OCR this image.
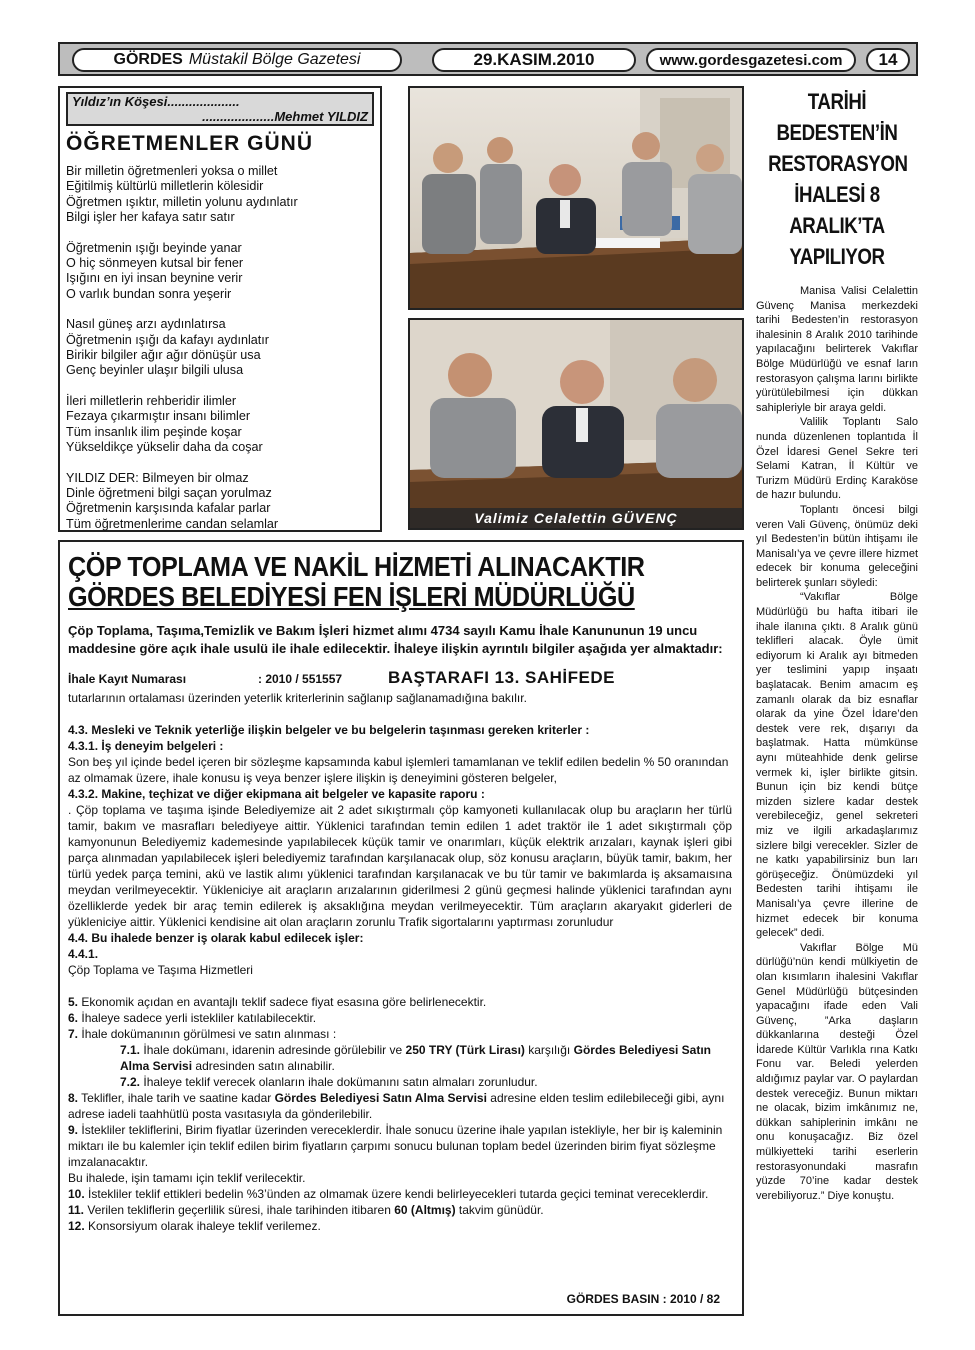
GÖRDES Müstakil Bölge Gazetesi	29.KASIM.2010	www.gordesgazetesi.com	14
Yıldız’ın Köşesi....................
....................Mehmet YILDIZ
ÖĞRETMENLER GÜNÜ
Bir milletin öğretmenleri yoksa o millet
Eğitilmiş kültürlü milletlerin kölesidir
Öğretmen ışıktır, milletin yolunu aydınlatır
Bilgi işler her kafaya satır satır
Öğretmenin ışığı beyinde yanar
O hiç sönmeyen kutsal bir fener
Işığını en iyi insan beynine verir
O varlık bundan sonra yeşerir
Nasıl güneş arzı aydınlatırsa
Öğretmenin ışığı da kafayı aydınlatır
Birikir bilgiler ağır ağır dönüşür usa
Genç beyinler ulaşır bilgili ulusa
İleri milletlerin rehberidir ilimler
Fezaya çıkarmıştır insanı bilimler
Tüm insanlık ilim peşinde koşar
Yükseldikçe yükselir daha da coşar
YILDIZ DER: Bilmeyen bir olmaz
Dinle öğretmeni bilgi saçan yorulmaz
Öğretmenin karşısında kafalar parlar
Tüm öğretmenlerime candan selamlar	Valimiz Celalettin GÜVENÇ
TARİHİ BEDESTEN’İN RESTORASYON İHALESİ 8 ARALIK’TA YAPILIYOR

Manisa Valisi Celalettin Güvenç Manisa merkezdeki tarihi Bedesten’in restorasyon ihalesinin 8 Aralık 2010 tarihinde yapılacağını belirterek Vakıflar Bölge Müdürlüğü ve esnaf ların restorasyon çalışma larını birlikte yürütülebilmesi için dükkan sahipleriyle bir araya geldi.

Valilik Toplantı Salo nunda düzenlenen toplantıda İl Özel İdaresi Genel Sekre teri Selami Katran, İl Kültür ve Turizm Müdürü Erdinç Karaköse de hazır bulundu.

Toplantı öncesi bilgi veren Vali Güvenç, önümüz deki yıl Bedesten’in bütün ihtişamı ile Manisalı’ya ve çevre illere hizmet edecek bir konuma geleceğini belirterek şunları söyledi:

“Vakıflar Bölge Müdürlüğü bu hafta itibari ile ihale ilanına çıktı. 8 Aralık günü teklifleri alacak. Öyle ümit ediyorum ki Aralık ayı bitmeden yer teslimini yapıp inşaatı başlatacak. Benim amacım eş zamanlı olarak da biz esnaflar olarak da yine Özel İdare’den destek vere rek, dışarıyı da başlatmak. Hatta mümkünse aynı müteahhide denk gelirse vermek ki, işler birlikte gitsin. Bunun için biz kendi bütçe mizden sizlere kadar destek verebileceğiz, genel sekreteri miz ve ilgili arkadaşlarımız sizlere bilgi verecekler. Sizler de ne katkı yapabilirsiniz bun ları görüşeceğiz. Önümüzdeki yıl Bedesten tarihi ihtişamı ile Manisalı’ya çevre illerine de hizmet edecek bir konuma gelecek” dedi.

Vakıflar Bölge Mü dürlüğü’nün kendi mülkiyetin de olan kısımların ihalesini Vakıflar Genel Müdürlüğü bütçesinden yapacağını ifade eden Vali Güvenç, ”Arka daşların dükkanlarına desteği Özel İdarede Kültür Varlıkla rına Katkı Fonu var. Beledi yelerden aldığımız paylar var. O paylardan destek vereceğiz. Bunun miktarı ne olacak, bizim imkânımız ne, dükkan sahiplerinin imkânı ne onu konuşacağız. Biz özel mülkiyetteki tarihi eserlerin restorasyonundaki masrafın yüzde 70’ine kadar destek verebiliyoruz.” Diye konuştu.

ÇÖP TOPLAMA VE NAKİL HİZMETİ ALINACAKTIR
GÖRDES BELEDİYESİ FEN İŞLERİ MÜDÜRLÜĞÜ
Çöp Toplama, Taşıma,Temizlik ve Bakım İşleri hizmet alımı 4734 sayılı Kamu İhale Kanununun 19 uncu maddesine göre açık ihale usulü ile ihale edilecektir. İhaleye ilişkin ayrıntılı bilgiler aşağıda yer almaktadır:
İhale Kayıt Numarası	: 2010 / 551557	BAŞTARAFI 13. SAHİFEDE

tutarlarının ortalaması üzerinden yeterlik kriterlerinin sağlanıp sağlanamadığına bakılır.

4.3. Mesleki ve Teknik yeterliğe ilişkin belgeler ve bu belgelerin taşınması gereken kriterler :

4.3.1. İş deneyim belgeleri :

Son beş yıl içinde bedel içeren bir sözleşme kapsamında kabul işlemleri tamamlanan ve teklif edilen bedelin % 50 oranından az olmamak üzere, ihale konusu iş veya benzer işlere ilişkin iş deneyimini gösteren belgeler,

4.3.2. Makine, teçhizat ve diğer ekipmana ait belgeler ve kapasite raporu :

. Çöp toplama ve taşıma işinde Belediyemize ait 2 adet sıkıştırmalı çöp kamyoneti kullanılacak olup bu araçların her türlü tamir, bakım ve masrafları belediyeye aittir. Yüklenici tarafından temin edilen 1 adet traktör ile 1 adet sıkıştırmalı çöp kamyonunun Belediyemiz kademesinde yapılabilecek küçük tamir ve onarımları, küçük elektrik arızaları, kaynak işleri gibi parça alınmadan yapılabilecek işleri belediyemiz tarafından karşılanacak olup, söz konusu araçların, büyük tamir, bakım, her türlü yedek parça temini, akü ve lastik alımı yüklenici tarafından karşılanacak ve bu tür tamir ve bakımlarda iş aksamaısına meydan verilmeyecektir. Yükleniciye ait araçların arızalarının giderilmesi 2 günü geçmesi halinde yüklenici tarafından aynı özelliklerde yedek bir araç temin edilerek iş aksaklığına meydan verilmeyecektir. Tüm araçların akaryakıt giderleri de yükleniciye aittir. Yüklenici kendisine ait olan araçların zorunlu Trafik sigortalarını yaptırması zorunludur

4.4. Bu ihalede benzer iş olarak kabul edilecek işler:

4.4.1.

Çöp Toplama ve Taşıma Hizmetleri

5. Ekonomik açıdan en avantajlı teklif sadece fiyat esasına göre belirlenecektir.

6. İhaleye sadece yerli istekliler katılabilecektir.

7. İhale dokümanının görülmesi ve satın alınması :

7.1. İhale dokümanı, idarenin adresinde görülebilir ve 250 TRY (Türk Lirası) karşılığı Gördes Belediyesi Satın Alma Servisi adresinden satın alınabilir.

7.2. İhaleye teklif verecek olanların ihale dokümanını satın almaları zorunludur.

8. Teklifler, ihale tarih ve saatine kadar Gördes Belediyesi Satın Alma Servisi adresine elden teslim edilebileceği gibi, aynı adrese iadeli taahhütlü posta vasıtasıyla da gönderilebilir.

9. İstekliler tekliflerini, Birim fiyatlar üzerinden vereceklerdir. İhale sonucu üzerine ihale yapılan istekliyle, her bir iş kaleminin miktarı ile bu kalemler için teklif edilen birim fiyatların çarpımı sonucu bulunan toplam bedel üzerinden birim fiyat sözleşme imzalanacaktır.

Bu ihalede, işin tamamı için teklif verilecektir.

10. İstekliler teklif ettikleri bedelin %3’ünden az olmamak üzere kendi belirleyecekleri tutarda geçici teminat vereceklerdir.

11. Verilen tekliflerin geçerlilik süresi, ihale tarihinden itibaren 60 (Altmış) takvim günüdür.

12. Konsorsiyum olarak ihaleye teklif verilemez.

GÖRDES BASIN : 2010 / 82
